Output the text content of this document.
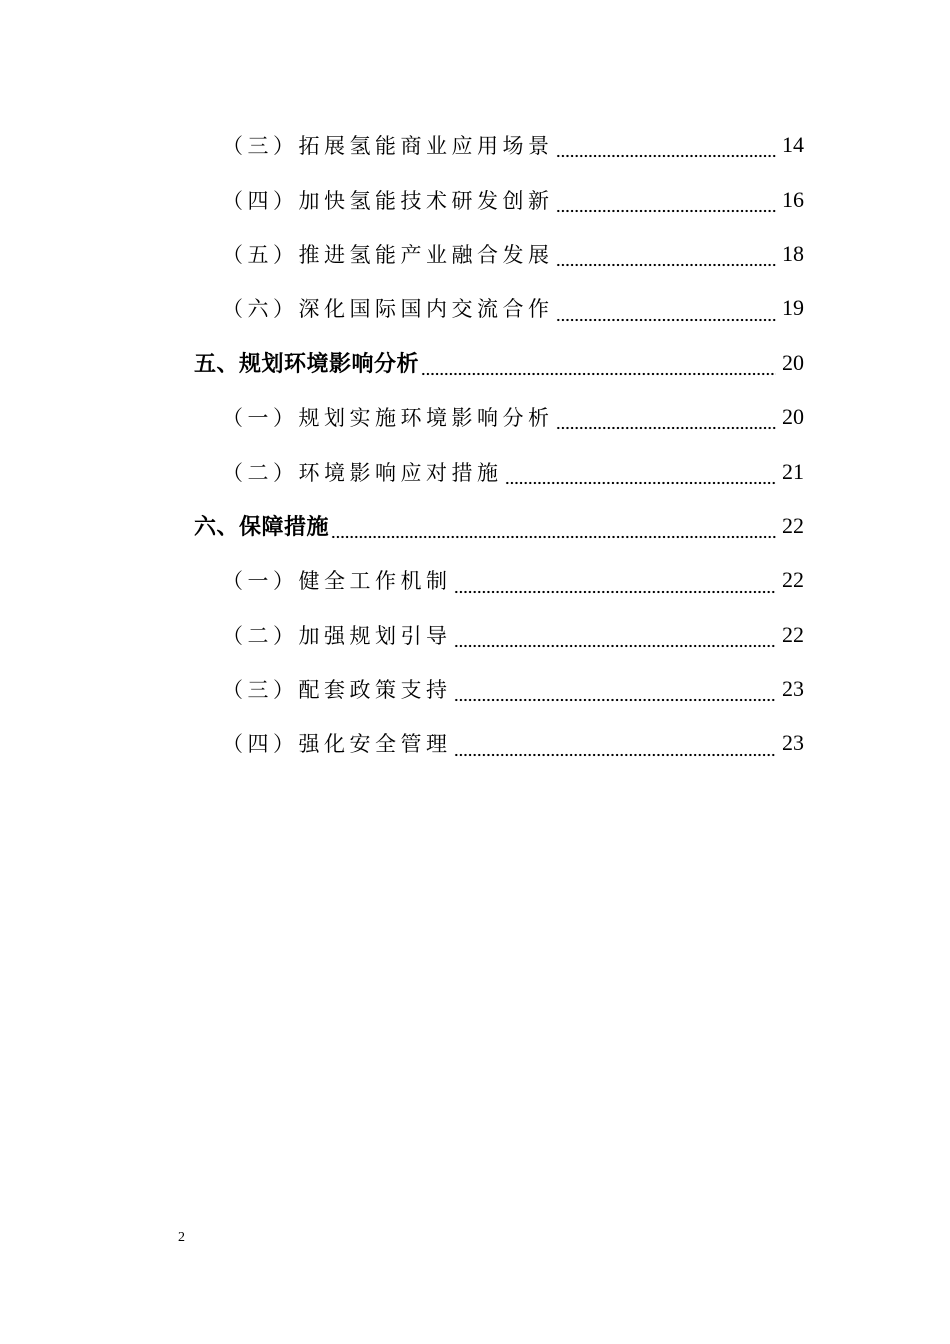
（三）拓展氢能商业应用场景	14
（四）加快氢能技术研发创新	16
（五）推进氢能产业融合发展	18
（六）深化国际国内交流合作	19
五、规划环境影响分析	20
（一）规划实施环境影响分析	20
（二）环境影响应对措施	21
六、保障措施	22
（一）健全工作机制	22
（二）加强规划引导	22
（三）配套政策支持	23
（四）强化安全管理	23
2
